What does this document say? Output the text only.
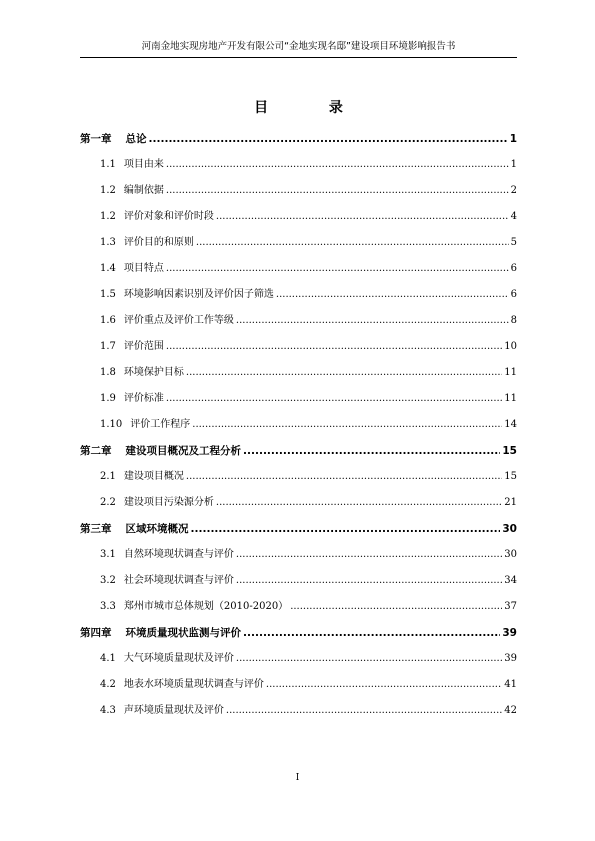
河南金地实现房地产开发有限公司“金地实现名邸”建设项目环境影响报告书
目 录
第一章 总论 .....	1
1.1 项目由来 .....	1
1.2 编制依据 .....	2
1.2 评价对象和评价时段 .....	4
1.3 评价目的和原则 .....	5
1.4 项目特点 .....	6
1.5 环境影响因素识别及评价因子筛选 .....	6
1.6 评价重点及评价工作等级 .....	8
1.7 评价范围 .....	10
1.8 环境保护目标 .....	11
1.9 评价标准 .....	11
1.10 评价工作程序 .....	14
第二章 建设项目概况及工程分析 .....	15
2.1 建设项目概况 .....	15
2.2 建设项目污染源分析 .....	21
第三章 区域环境概况 .....	30
3.1 自然环境现状调查与评价 .....	30
3.2 社会环境现状调查与评价 .....	34
3.3 郑州市城市总体规划（2010-2020） .....	37
第四章 环境质量现状监测与评价 .....	39
4.1 大气环境质量现状及评价 .....	39
4.2 地表水环境质量现状调查与评价 .....	41
4.3 声环境质量现状及评价 .....	42
I
